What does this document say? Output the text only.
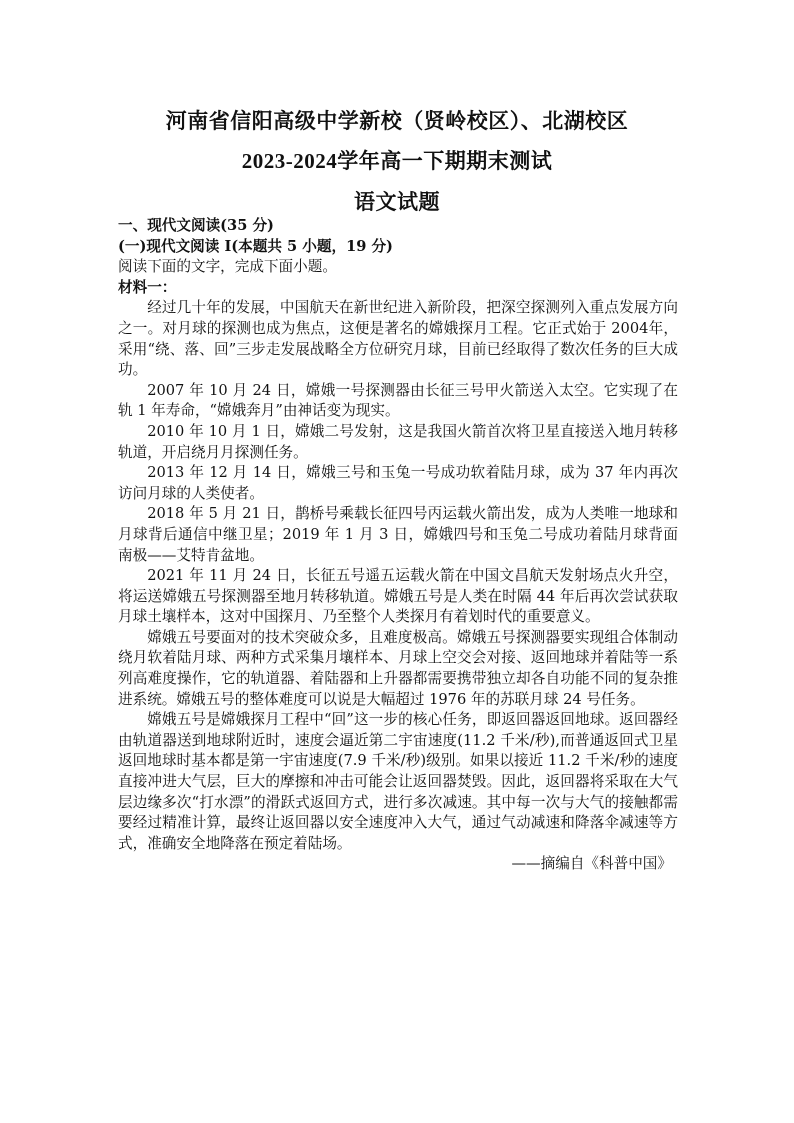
河南省信阳高级中学新校（贤岭校区）、北湖校区
2023-2024学年高一下期期末测试
语文试题

一、现代文阅读(35 分)

(一)现代文阅读 I(本题共 5 小题，19 分)

阅读下面的文字，完成下面小题。

材料一：

经过几十年的发展，中国航天在新世纪进入新阶段，把深空探测列入重点发展方向之一。对月球的探测也成为焦点，这便是著名的嫦娥探月工程。它正式始于 2004年，采用“绕、落、回”三步走发展战略全方位研究月球，目前已经取得了数次任务的巨大成功。

2007 年 10 月 24 日，嫦娥一号探测器由长征三号甲火箭送入太空。它实现了在轨 1 年寿命，“嫦娥奔月”由神话变为现实。

2010 年 10 月 1 日，嫦娥二号发射，这是我国火箭首次将卫星直接送入地月转移轨道，开启绕月月探测任务。

2013 年 12 月 14 日，嫦娥三号和玉兔一号成功软着陆月球，成为 37 年内再次访问月球的人类使者。

2018 年 5 月 21 日，鹊桥号乘载长征四号丙运载火箭出发，成为人类唯一地球和月球背后通信中继卫星；2019 年 1 月 3 日，嫦娥四号和玉兔二号成功着陆月球背面南极——艾特肯盆地。

2021 年 11 月 24 日，长征五号遥五运载火箭在中国文昌航天发射场点火升空，将运送嫦娥五号探测器至地月转移轨道。嫦娥五号是人类在时隔 44 年后再次尝试获取月球土壤样本，这对中国探月、乃至整个人类探月有着划时代的重要意义。

嫦娥五号要面对的技术突破众多，且难度极高。嫦娥五号探测器要实现组合体制动绕月软着陆月球、两种方式采集月壤样本、月球上空交会对接、返回地球并着陆等一系列高难度操作，它的轨道器、着陆器和上升器都需要携带独立却各自功能不同的复杂推进系统。嫦娥五号的整体难度可以说是大幅超过 1976 年的苏联月球 24 号任务。

嫦娥五号是嫦娥探月工程中“回”这一步的核心任务，即返回器返回地球。返回器经由轨道器送到地球附近时，速度会逼近第二宇宙速度(11.2 千米/秒),而普通返回式卫星返回地球时基本都是第一宇宙速度(7.9 千米/秒)级别。如果以接近 11.2 千米/秒的速度直接冲进大气层，巨大的摩擦和冲击可能会让返回器焚毁。因此，返回器将采取在大气层边缘多次“打水漂”的滑跃式返回方式，进行多次减速。其中每一次与大气的接触都需要经过精准计算，最终让返回器以安全速度冲入大气，通过气动减速和降落伞减速等方式，准确安全地降落在预定着陆场。

——摘编自《科普中国》
